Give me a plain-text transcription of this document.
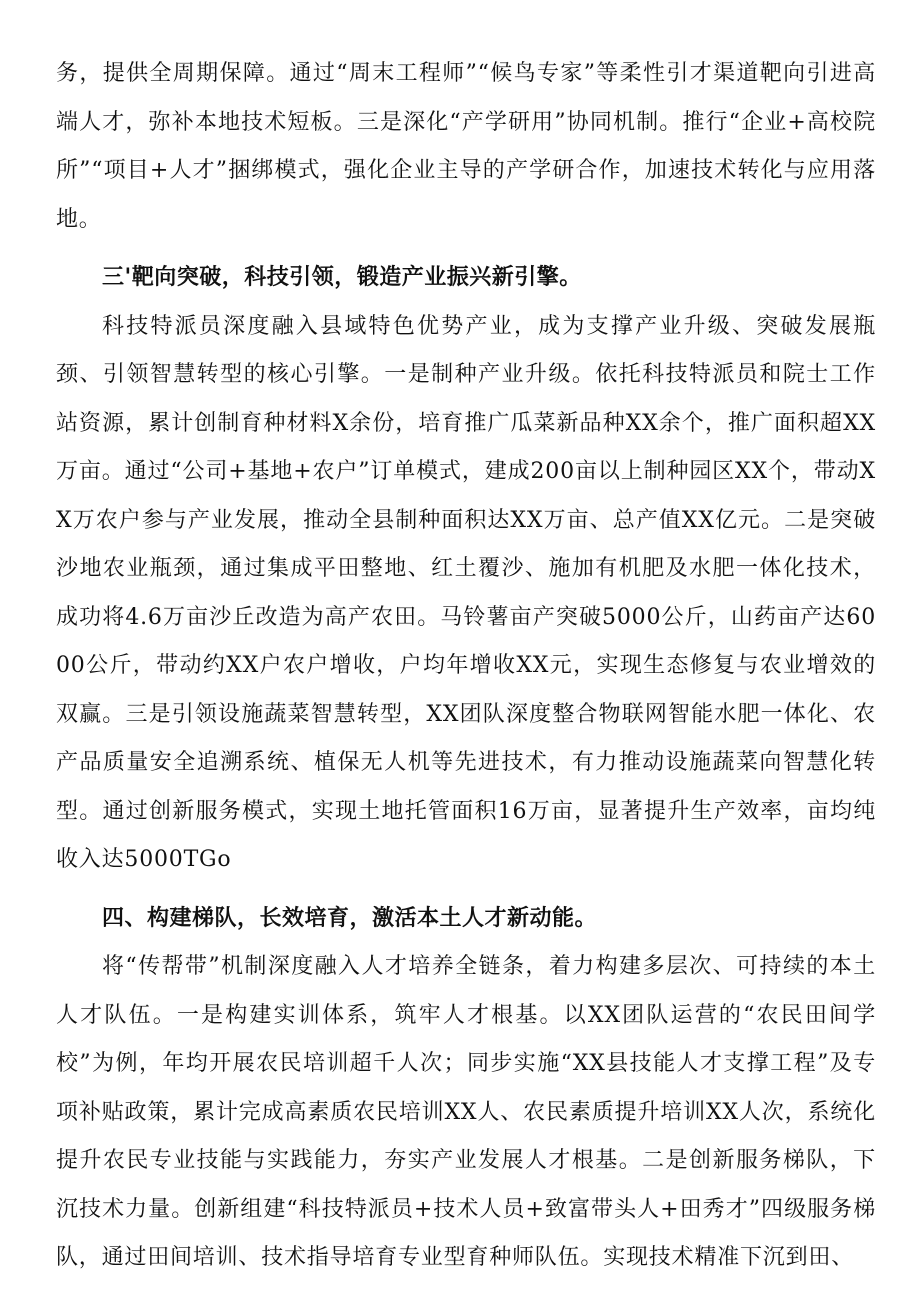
务，提供全周期保障。通过“周末工程师”“候鸟专家”等柔性引才渠道靶向引进高端人才，弥补本地技术短板。三是深化“产学研用”协同机制。推行“企业+高校院所”“项目+人才”捆绑模式，强化企业主导的产学研合作，加速技术转化与应用落地。

三'靶向突破，科技引领，锻造产业振兴新引擎。

科技特派员深度融入县域特色优势产业，成为支撑产业升级、突破发展瓶颈、引领智慧转型的核心引擎。一是制种产业升级。依托科技特派员和院士工作站资源，累计创制育种材料X余份，培育推广瓜菜新品种XX余个，推广面积超XX万亩。通过“公司+基地+农户”订单模式，建成200亩以上制种园区XX个，带动XX万农户参与产业发展，推动全县制种面积达XX万亩、总产值XX亿元。二是突破沙地农业瓶颈，通过集成平田整地、红土覆沙、施加有机肥及水肥一体化技术，成功将4.6万亩沙丘改造为高产农田。马铃薯亩产突破5000公斤，山药亩产达6000公斤，带动约XX户农户增收，户均年增收XX元，实现生态修复与农业增效的双赢。三是引领设施蔬菜智慧转型，XX团队深度整合物联网智能水肥一体化、农产品质量安全追溯系统、植保无人机等先进技术，有力推动设施蔬菜向智慧化转型。通过创新服务模式，实现土地托管面积16万亩，显著提升生产效率，亩均纯收入达5000TGo

四、构建梯队，长效培育，激活本土人才新动能。

将“传帮带”机制深度融入人才培养全链条，着力构建多层次、可持续的本土人才队伍。一是构建实训体系，筑牢人才根基。以XX团队运营的“农民田间学校”为例，年均开展农民培训超千人次；同步实施“XX县技能人才支撑工程”及专项补贴政策，累计完成高素质农民培训XX人、农民素质提升培训XX人次，系统化提升农民专业技能与实践能力，夯实产业发展人才根基。二是创新服务梯队，下沉技术力量。创新组建“科技特派员+技术人员+致富带头人+田秀才”四级服务梯队，通过田间培训、技术指导培育专业型育种师队伍。实现技术精准下沉到田、
